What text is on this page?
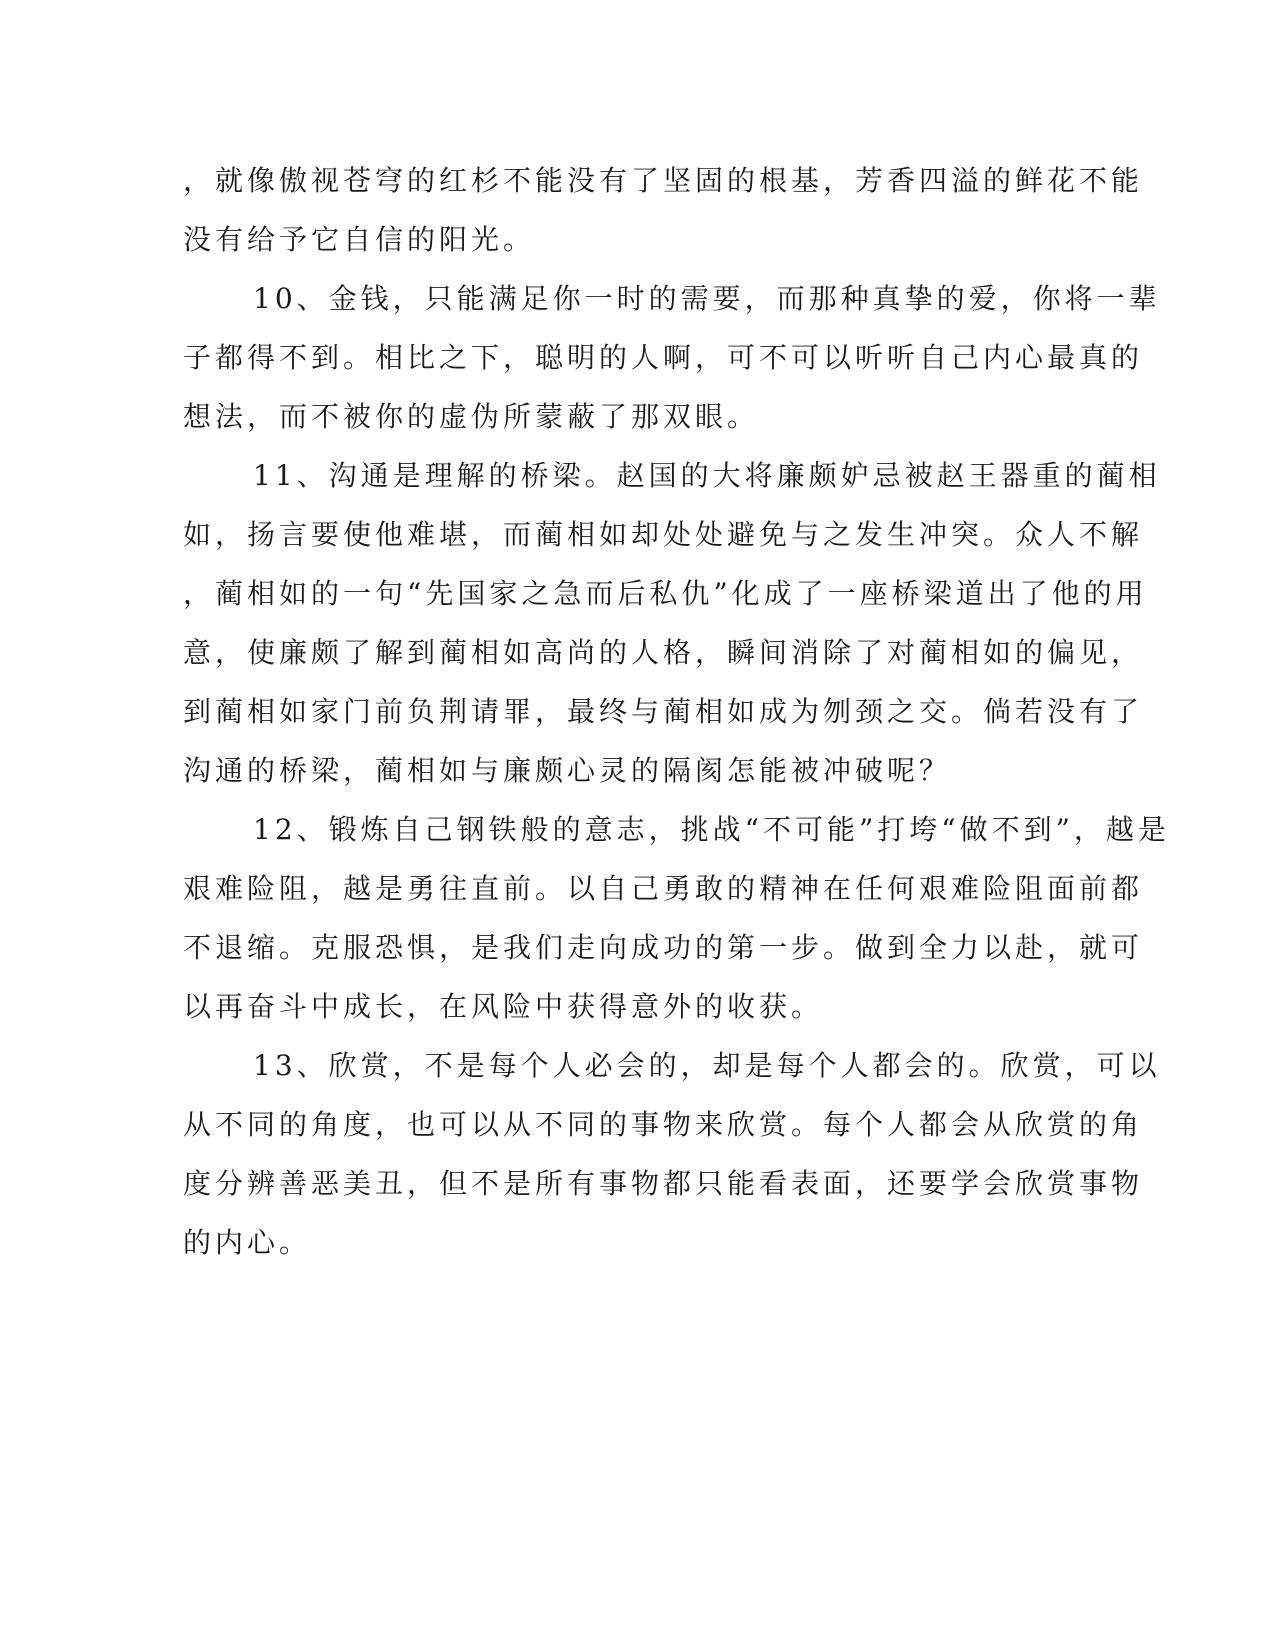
，就像傲视苍穹的红杉不能没有了坚固的根基，芳香四溢的鲜花不能
没有给予它自信的阳光。
10、金钱，只能满足你一时的需要，而那种真挚的爱，你将一辈
子都得不到。相比之下，聪明的人啊，可不可以听听自己内心最真的
想法，而不被你的虚伪所蒙蔽了那双眼。
11、沟通是理解的桥梁。赵国的大将廉颇妒忌被赵王器重的蔺相
如，扬言要使他难堪，而蔺相如却处处避免与之发生冲突。众人不解
，蔺相如的一句“先国家之急而后私仇”化成了一座桥梁道出了他的用
意，使廉颇了解到蔺相如高尚的人格，瞬间消除了对蔺相如的偏见，
到蔺相如家门前负荆请罪，最终与蔺相如成为刎颈之交。倘若没有了
沟通的桥梁，蔺相如与廉颇心灵的隔阂怎能被冲破呢？
12、锻炼自己钢铁般的意志，挑战“不可能”打垮“做不到”，越是
艰难险阻，越是勇往直前。以自己勇敢的精神在任何艰难险阻面前都
不退缩。克服恐惧，是我们走向成功的第一步。做到全力以赴，就可
以再奋斗中成长，在风险中获得意外的收获。
13、欣赏，不是每个人必会的，却是每个人都会的。欣赏，可以
从不同的角度，也可以从不同的事物来欣赏。每个人都会从欣赏的角
度分辨善恶美丑，但不是所有事物都只能看表面，还要学会欣赏事物
的内心。
